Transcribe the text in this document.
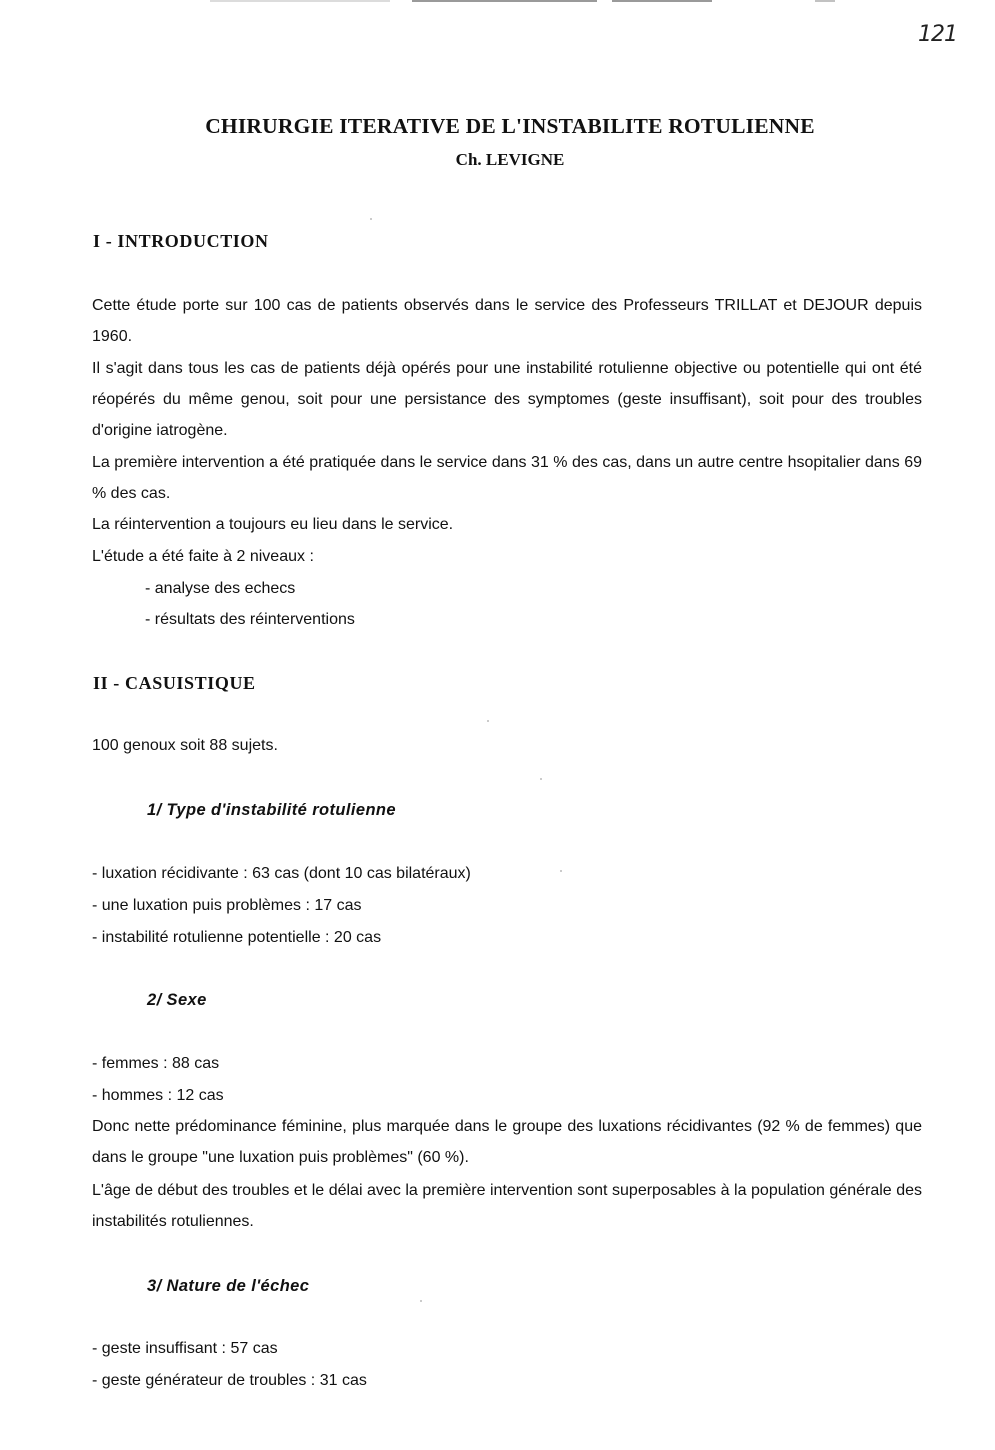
121
CHIRURGIE ITERATIVE DE L'INSTABILITE ROTULIENNE
Ch. LEVIGNE
I - INTRODUCTION
Cette étude porte sur 100 cas de patients observés dans le service des Professeurs TRILLAT et DEJOUR depuis 1960.
Il s'agit dans tous les cas de patients déjà opérés pour une instabilité rotulienne objective ou potentielle qui ont été réopérés du même genou, soit pour une persistance des symptomes (geste insuffisant), soit pour des troubles d'origine iatrogène.
La première intervention a été pratiquée dans le service dans 31 % des cas, dans un autre centre hsopitalier dans 69 % des cas.
La réintervention a toujours eu lieu dans le service.
L'étude a été faite à 2 niveaux :
- analyse des echecs
- résultats des réinterventions
II - CASUISTIQUE
100 genoux soit 88 sujets.
1/ Type d'instabilité rotulienne
- luxation récidivante : 63 cas (dont 10 cas bilatéraux)
- une luxation puis problèmes : 17 cas
- instabilité rotulienne potentielle : 20 cas
2/ Sexe
- femmes : 88 cas
- hommes : 12 cas
Donc nette prédominance féminine, plus marquée dans le groupe des luxations récidivantes (92 % de femmes) que dans le groupe "une luxation puis problèmes" (60 %).
L'âge de début des troubles et le délai avec la première intervention sont superposables à la population générale des instabilités rotuliennes.
3/ Nature de l'échec
- geste insuffisant : 57 cas
- geste générateur de troubles : 31 cas
